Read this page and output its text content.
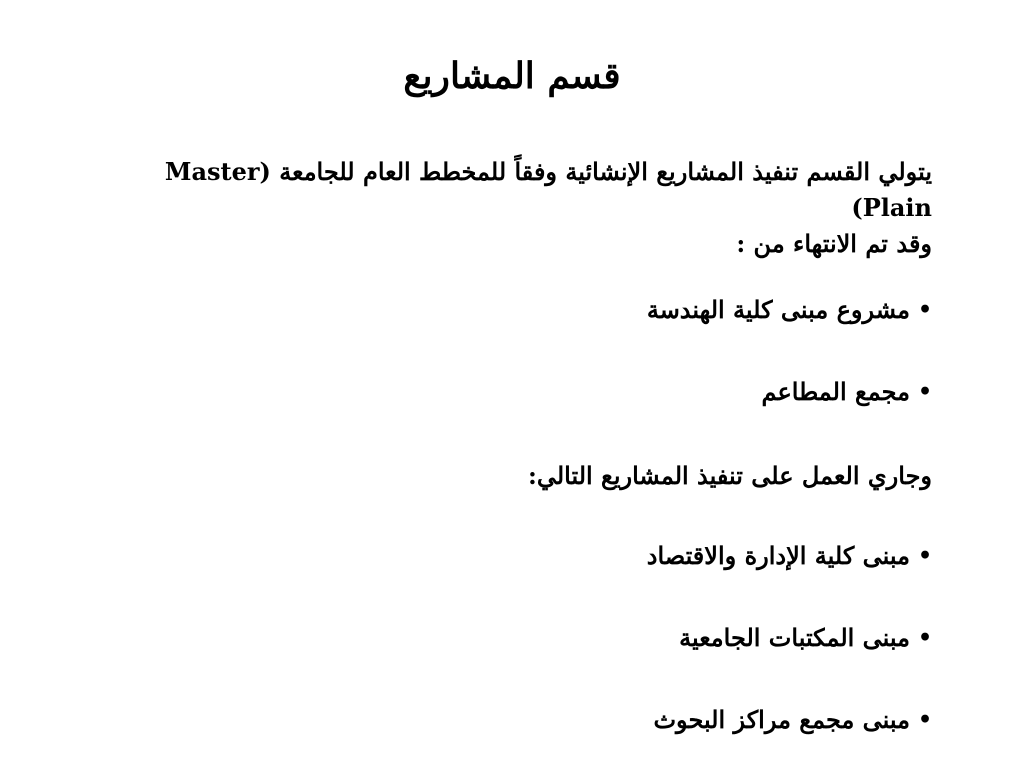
قسم المشاريع

يتولي القسم تنفيذ المشاريع الإنشائية وفقاً للمخطط العام للجامعة (Master Plain)
وقد تم الانتهاء من :

•
مشروع مبنى كلية الهندسة
•
مجمع المطاعم

وجاري العمل على تنفيذ المشاريع التالي:

•
مبنى كلية الإدارة والاقتصاد
•
مبنى المكتبات الجامعية
•
مبنى مجمع مراكز البحوث
